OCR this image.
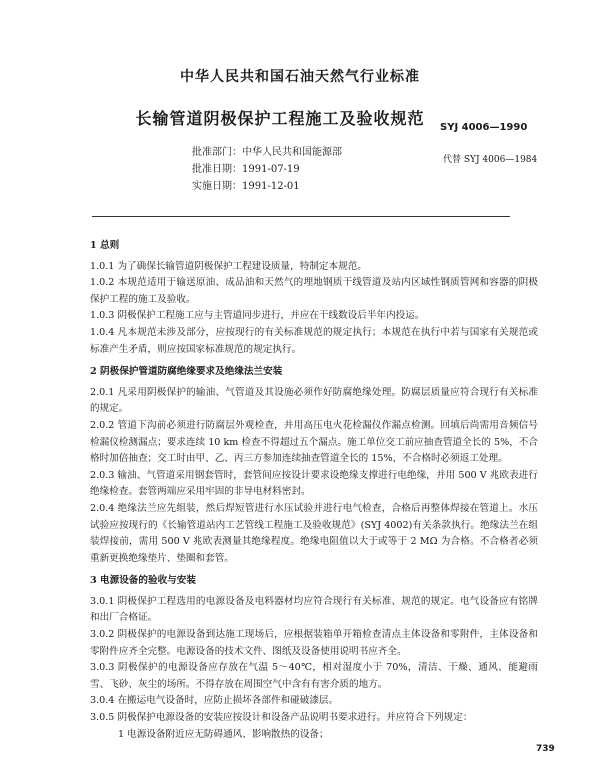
中华人民共和国石油天然气行业标准
长输管道阴极保护工程施工及验收规范	SYJ 4006—1990
批准部门：中华人民共和国能源部
批准日期：1991-07-19
实施日期：1991-12-01
代替 SYJ 4006—1984
1 总则

1.0.1 为了确保长输管道阴极保护工程建设质量，特制定本规范。

1.0.2 本规范适用于输送原油、成品油和天然气的埋地钢质干线管道及站内区域性钢质管网和容器的阴极保护工程的施工及验收。

1.0.3 阴极保护工程施工应与主管道同步进行，并应在干线数设后半年内投运。

1.0.4 凡本规范未涉及部分，应按现行的有关标准规范的规定执行；本规范在执行中若与国家有关规范或标准产生矛盾，则应按国家标准规范的规定执行。

2 阴极保护管道防腐绝缘要求及绝缘法兰安装

2.0.1 凡采用阴极保护的输油、气管道及其设施必须作好防腐绝缘处理。防腐层质量应符合现行有关标准的规定。

2.0.2 管道下沟前必须进行防腐层外观检查，并用高压电火花检漏仪作漏点检测。回填后尚需用音频信号检漏仪检测漏点；要求连续 10 km 检查不得超过五个漏点。施工单位交工前应抽查管道全长的 5%，不合格时加倍抽查；交工时由甲、乙、丙三方参加连续抽查管道全长的 15%，不合格时必须返工处理。

2.0.3 输油、气管道采用钢套管时，套管间应按设计要求设绝缘支撑进行电绝缘，并用 500 V 兆欧表进行绝缘检查。套管两端应采用牢固的非导电材料密封。

2.0.4 绝缘法兰应先组装，然后焊短管进行水压试验并进行电气检查，合格后再整体焊接在管道上。水压试验应按现行的《长输管道站内工艺管线工程施工及验收规范》(SYJ 4002)有关条款执行。绝缘法兰在组装焊接前，需用 500 V 兆欧表测量其绝缘程度。绝缘电阻值以大于或等于 2 MΩ 为合格。不合格者必须重新更换绝缘垫片、垫圈和套管。

3 电源设备的验收与安装

3.0.1 阴极保护工程选用的电源设备及电料器材均应符合现行有关标准、规范的规定。电气设备应有铭牌和出厂合格证。

3.0.2 阴极保护的电源设备到达施工现场后，应根据装箱单开箱检查清点主体设备和零附件，主体设备和零附件应齐全完整。电源设备的技术文件、图纸及设备使用说明书应齐全。

3.0.3 阴极保护的电源设备应存放在气温 5～40℃，相对湿度小于 70%，清洁、干燥、通风、能避雨雪、飞砂、灰尘的场所。不得存放在周围空气中含有有害介质的地方。

3.0.4 在搬运电气设备时，应防止损坏各部件和碰破漆层。

3.0.5 阴极保护电源设备的安装应按设计和设备产品说明书要求进行。并应符合下列规定：

1 电源设备附近应无防碍通风、影响散热的设备；

739
